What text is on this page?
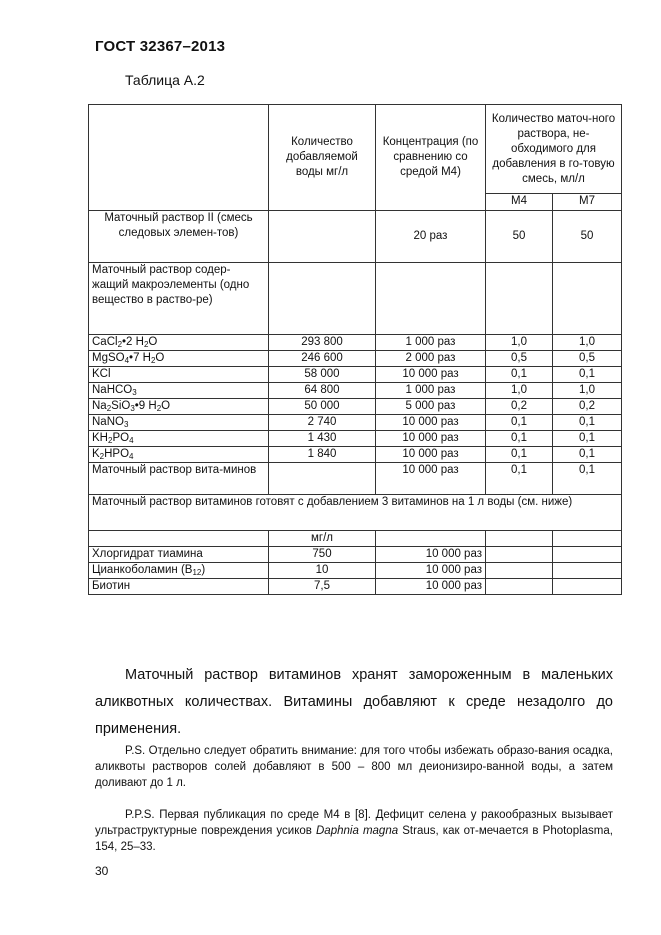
ГОСТ 32367–2013
Таблица А.2
	Количество добавляемой воды мг/л	Концентрация (по сравнению со средой М4)	Количество маточ-ного раствора, не-обходимого для добавления в го-товую смесь, мл/л	
			М4	М7
Маточный раствор II (смесь следовых элемен-тов)		20 раз	50	50
Маточный раствор содер-жащий макроэлементы (одно вещество в раство-ре)				
CaCl$_2$•2 $H_2O$	293 800	1 000 раз	1,0	1,0
MgSO$_4$•7 $H_2O$	246 600	2 000 раз	0,5	0,5
KCl	58 000	10 000 раз	0,1	0,1
NaHCO$_3$	64 800	1 000 раз	1,0	1,0
$Na_2SiO_3•9$ $H_2O$	50 000	5 000 раз	0,2	0,2
NaNO$_3$	2 740	10 000 раз	0,1	0,1
$KH_2PO_4$	1 430	10 000 раз	0,1	0,1
$K_2HPO_4$	1 840	10 000 раз	0,1	0,1
Маточный раствор вита-минов		10 000 раз	0,1	0,1
Маточный раствор витаминов готовят с добавлением 3 витаминов на 1 л воды (см. ниже)				
	мг/л			
Хлоргидрат тиамина	750	10 000 раз		
Цианкоболамин $(B_{12})$	10	10 000 раз		
Биотин	7,5	10 000 раз		
Маточный раствор витаминов хранят замороженным в маленьких аликвотных количествах. Витамины добавляют к среде незадолго до применения.
P.S. Отдельно следует обратить внимание: для того чтобы избежать образо-вания осадка, аликвоты растворов солей добавляют в 500 – 800 мл деионизиро-ванной воды, а затем доливают до 1 л.
P.P.S. Первая публикация по среде М4 в [8]. Дефицит селена у ракообразных вызывает ультраструктурные повреждения усиков Daphnia magna Straus, как от-мечается в Photoplasma, 154, 25–33.
30
